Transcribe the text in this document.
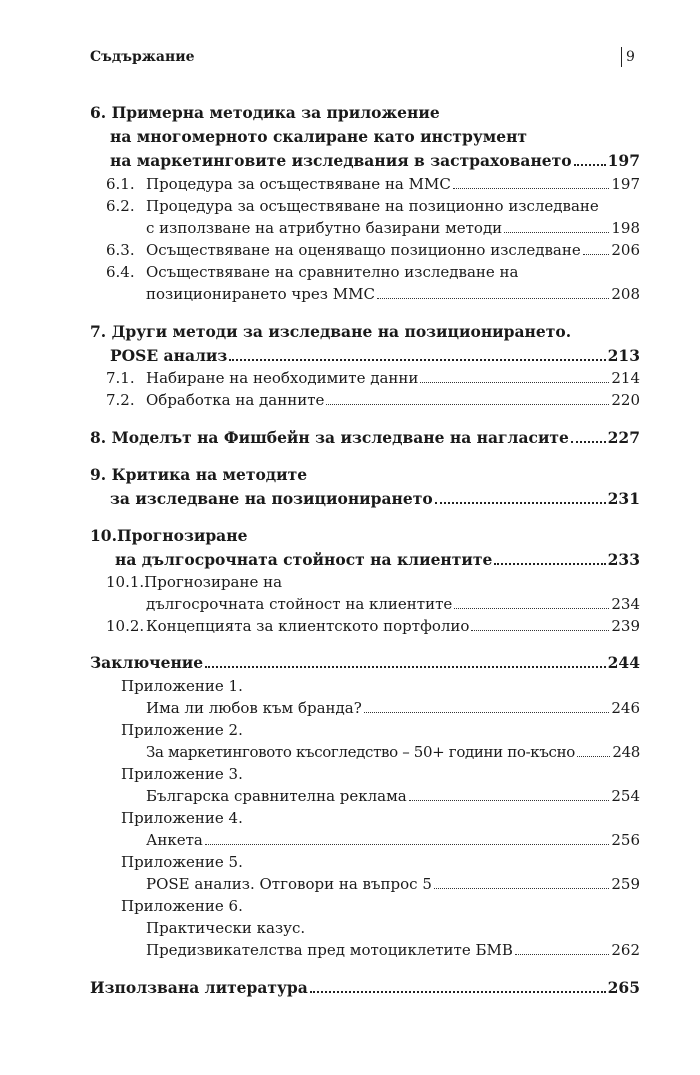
Съдържание	9
6. Примерна методика за приложение
на многомерното скалиране като инструмент
на маркетинговите изследвания в застраховането 197
6.1. Процедура за осъществяване на ММС	197
6.2. Процедура за осъществяване на позиционно изследване
с използване на атрибутно базирани методи	198
6.3. Осъществяване на оценяващо позиционно изследване 206
6.4. Осъществяване на сравнително изследване на
позиционирането чрез ММС	208
7. Други методи за изследване на позиционирането.
POSE анализ	213
7.1. Набиране на необходимите данни	214
7.2. Обработка на данните	220
8. Моделът на Фишбейн за изследване на нагласите 227
9. Критика на методите
за изследване на позиционирането	231
10.Прогнозиране
на дългосрочната стойност на клиентите	233
10.1.Прогнозиране на
дългосрочната стойност на клиентите	234
10.2. Концепцията за клиентското портфолио	239
Заключение	244
Приложение 1.
Има ли любов към бранда?	246
Приложение 2.
За маркетинговото късогледство – 50+ години по-късно	248
Приложение 3.
Българска сравнителна реклама	254
Приложение 4.
Анкета	256
Приложение 5.
POSE анализ. Отговори на въпрос 5	259
Приложение 6.
Практически казус.
Предизвикателства пред мотоциклетите БМВ	262
Използвана литература	265
